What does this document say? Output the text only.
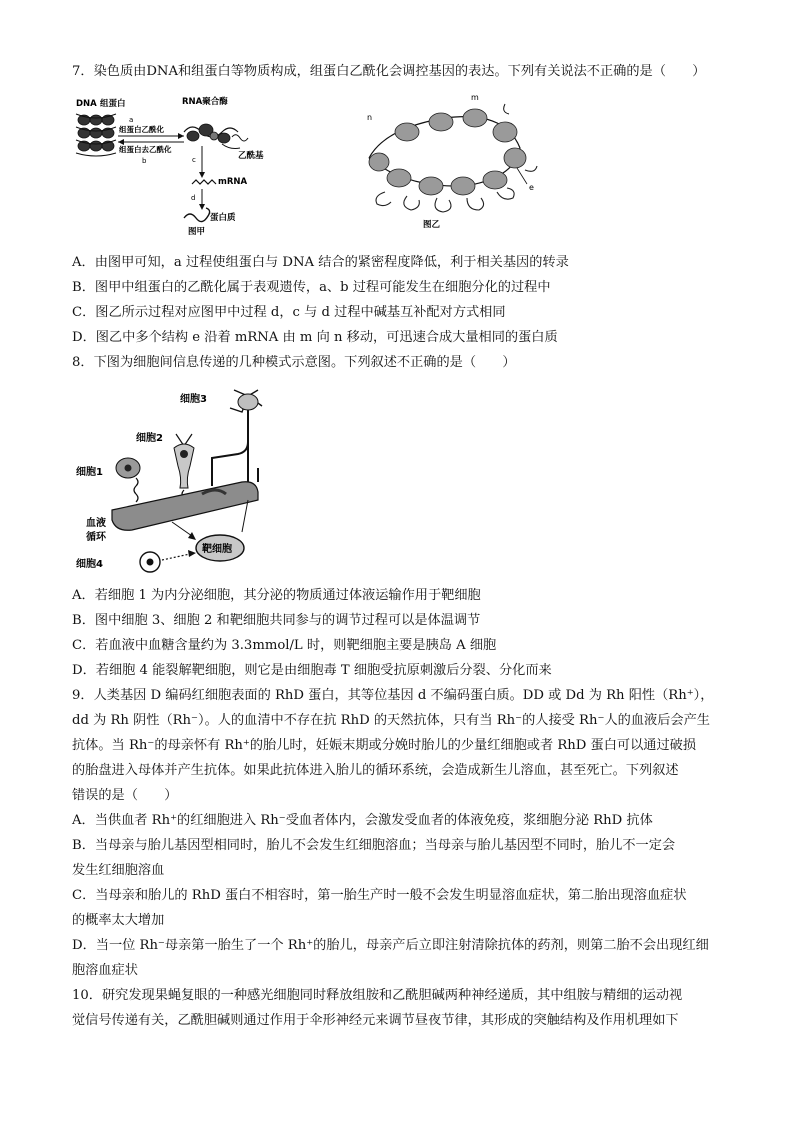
7．染色质由DNA和组蛋白等物质构成，组蛋白乙酰化会调控基因的表达。下列有关说法不正确的是（　　）
DNA 组蛋白
a
组蛋白乙酰化
组蛋白去乙酰化
b
RNA聚合酶
乙酰基
c
mRNA
d
蛋白质
图甲
m
n
e
图乙
A．由图甲可知，a 过程使组蛋白与 DNA 结合的紧密程度降低，利于相关基因的转录
B．图甲中组蛋白的乙酰化属于表观遗传，a、b 过程可能发生在细胞分化的过程中
C．图乙所示过程对应图甲中过程 d，c 与 d 过程中碱基互补配对方式相同
D．图乙中多个结构 e 沿着 mRNA 由 m 向 n 移动，可迅速合成大量相同的蛋白质
8．下图为细胞间信息传递的几种模式示意图。下列叙述不正确的是（　　）
细胞3
细胞2
细胞1
血液
循环
靶细胞
细胞4
A．若细胞 1 为内分泌细胞，其分泌的物质通过体液运输作用于靶细胞
B．图中细胞 3、细胞 2 和靶细胞共同参与的调节过程可以是体温调节
C．若血液中血糖含量约为 3.3mmol/L 时，则靶细胞主要是胰岛 A 细胞
D．若细胞 4 能裂解靶细胞，则它是由细胞毒 T 细胞受抗原刺激后分裂、分化而来
9．人类基因 D 编码红细胞表面的 RhD 蛋白，其等位基因 d 不编码蛋白质。DD 或 Dd 为 Rh 阳性（Rh⁺），
dd 为 Rh 阴性（Rh⁻）。人的血清中不存在抗 RhD 的天然抗体，只有当 Rh⁻的人接受 Rh⁻人的血液后会产生
抗体。当 Rh⁻的母亲怀有 Rh⁺的胎儿时，妊娠末期或分娩时胎儿的少量红细胞或者 RhD 蛋白可以通过破损
的胎盘进入母体并产生抗体。如果此抗体进入胎儿的循环系统，会造成新生儿溶血，甚至死亡。下列叙述
错误的是（　　）
A．当供血者 Rh⁺的红细胞进入 Rh⁻受血者体内，会激发受血者的体液免疫，浆细胞分泌 RhD 抗体
B．当母亲与胎儿基因型相同时，胎儿不会发生红细胞溶血；当母亲与胎儿基因型不同时，胎儿不一定会
发生红细胞溶血
C．当母亲和胎儿的 RhD 蛋白不相容时，第一胎生产时一般不会发生明显溶血症状，第二胎出现溶血症状
的概率太大增加
D．当一位 Rh⁻母亲第一胎生了一个 Rh⁺的胎儿，母亲产后立即注射清除抗体的药剂，则第二胎不会出现红细
胞溶血症状
10．研究发现果蝇复眼的一种感光细胞同时释放组胺和乙酰胆碱两种神经递质，其中组胺与精细的运动视
觉信号传递有关，乙酰胆碱则通过作用于伞形神经元来调节昼夜节律，其形成的突触结构及作用机理如下
